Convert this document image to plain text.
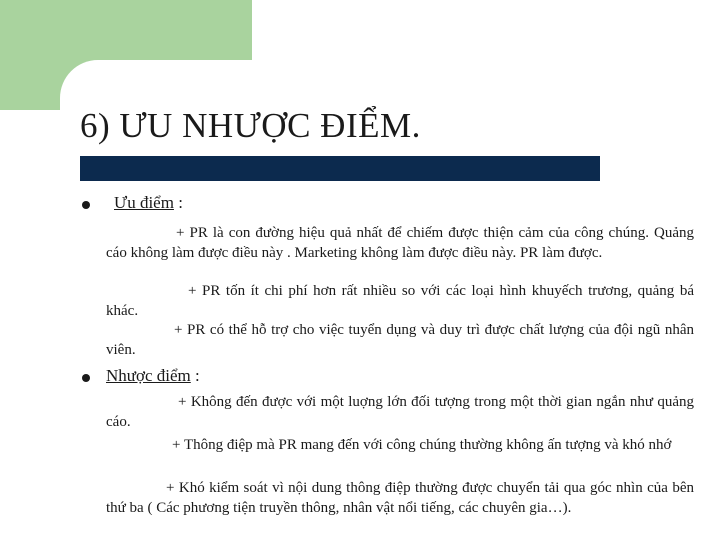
6) ƯU NHƯỢC ĐIỂM.
Ưu điểm :
+ PR là con đường hiệu quả nhất để chiếm được thiện cảm của công chúng. Quảng cáo không làm được điều này . Marketing không làm được điều này. PR làm được.
+ PR tốn ít chi phí hơn rất nhiều so với các loại hình khuyếch trương, quảng bá khác.
+ PR có thể hỗ trợ cho việc tuyển dụng và duy trì được chất lượng của đội ngũ nhân viên.
Nhược điểm :
+ Không đến được với một luợng lớn đối tượng trong một thời gian ngắn như quảng cáo.
+ Thông điệp mà PR mang đến với công chúng thường không ấn tượng và khó nhớ
+ Khó kiểm soát vì nội dung thông điệp thường được chuyển tải qua góc nhìn của bên thứ ba ( Các phương tiện truyền thông, nhân vật nổi tiếng, các chuyên gia…).
